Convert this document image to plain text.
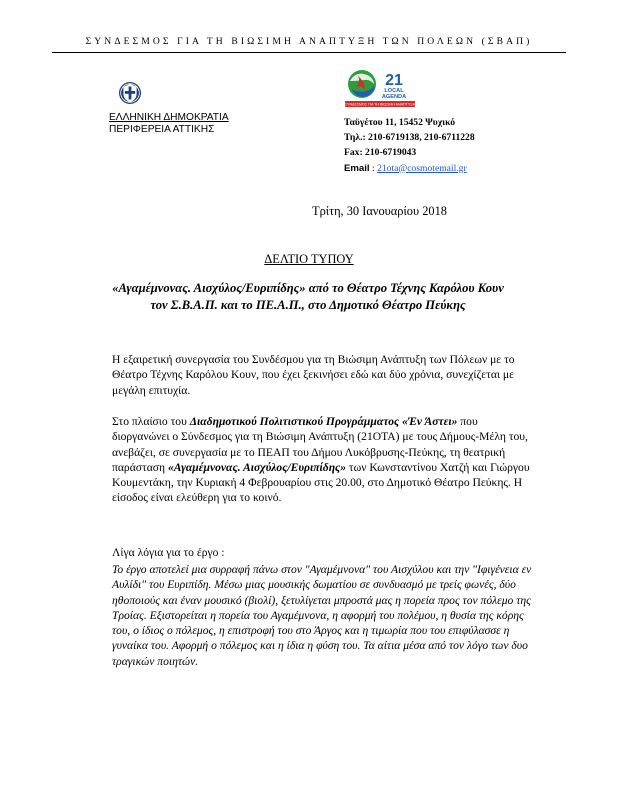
ΣΥΝΔΕΣΜΟΣ ΓΙΑ ΤΗ ΒΙΩΣΙΜΗ ΑΝΑΠΤΥΞΗ ΤΩΝ ΠΟΛΕΩΝ (ΣΒΑΠ)
ΕΛΛΗΝΙΚΗ ΔΗΜΟΚΡΑΤΙΑ
ΠΕΡΙΦΕΡΕΙΑ ΑΤΤΙΚΗΣ
21
LOCAL
AGENDA
ΣΥΝΔΕΣΜΟΣ ΓΙΑ ΤΗ ΒΙΩΣΙΜΗ ΑΝΑΠΤΥΞΗ
Ταϋγέτου 11, 15452 Ψυχικό
Τηλ.: 210-6719138, 210-6711228
Fax: 210-6719043
Email : 21ota@cosmotemail.gr
Τρίτη, 30 Ιανουαρίου 2018
ΔΕΛΤΙΟ ΤΥΠΟΥ
«Αγαμέμνονας. Αισχύλος/Ευριπίδης» από το Θέατρο Τέχνης Καρόλου Κουν τον Σ.Β.Α.Π. και το ΠΕ.Α.Π., στο Δημοτικό Θέατρο Πεύκης
Η εξαιρετική συνεργασία του Συνδέσμου για τη Βιώσιμη Ανάπτυξη των Πόλεων με το Θέατρο Τέχνης Καρόλου Κουν, που έχει ξεκινήσει εδώ και δύο χρόνια, συνεχίζεται με μεγάλη επιτυχία.
Στο πλαίσιο του Διαδημοτικού Πολιτιστικού Προγράμματος «Έν Άστει» που διοργανώνει ο Σύνδεσμος για τη Βιώσιμη Ανάπτυξη (21ΟΤΑ) με τους Δήμους-Μέλη του, ανεβάζει, σε συνεργασία με το ΠΕΑΠ του Δήμου Λυκόβρυσης-Πεύκης, τη θεατρική παράσταση «Αγαμέμνονας. Αισχύλος/Ευριπίδης» των Κωνσταντίνου Χατζή και Γιώργου Κουμεντάκη, την Κυριακή 4 Φεβρουαρίου στις 20.00, στο Δημοτικό Θέατρο Πεύκης. Η είσοδος είναι ελεύθερη για το κοινό.
Λίγα λόγια για το έργο :
Το έργο αποτελεί μια συρραφή πάνω στον "Αγαμέμνονα" του Αισχύλου και την "Ιφιγένεια εν Αυλίδι" του Ευριπίδη. Μέσω μιας μουσικής δωματίου σε συνδυασμό με τρείς φωνές, δύο ηθοποιούς και έναν μουσικό (βιολί), ξετυλίγεται μπροστά μας η πορεία προς τον πόλεμο της Τροίας. Εξιστορείται η πορεία του Αγαμέμνονα, η αφορμή του πολέμου, η θυσία της κόρης του, ο ίδιος ο πόλεμος, η επιστροφή του στο Άργος και η τιμωρία που του επιφύλασσε η γυναίκα του. Αφορμή ο πόλεμος και η ίδια η φύση του. Τα αίτια μέσα από τον λόγο των δυο τραγικών ποιητών.
